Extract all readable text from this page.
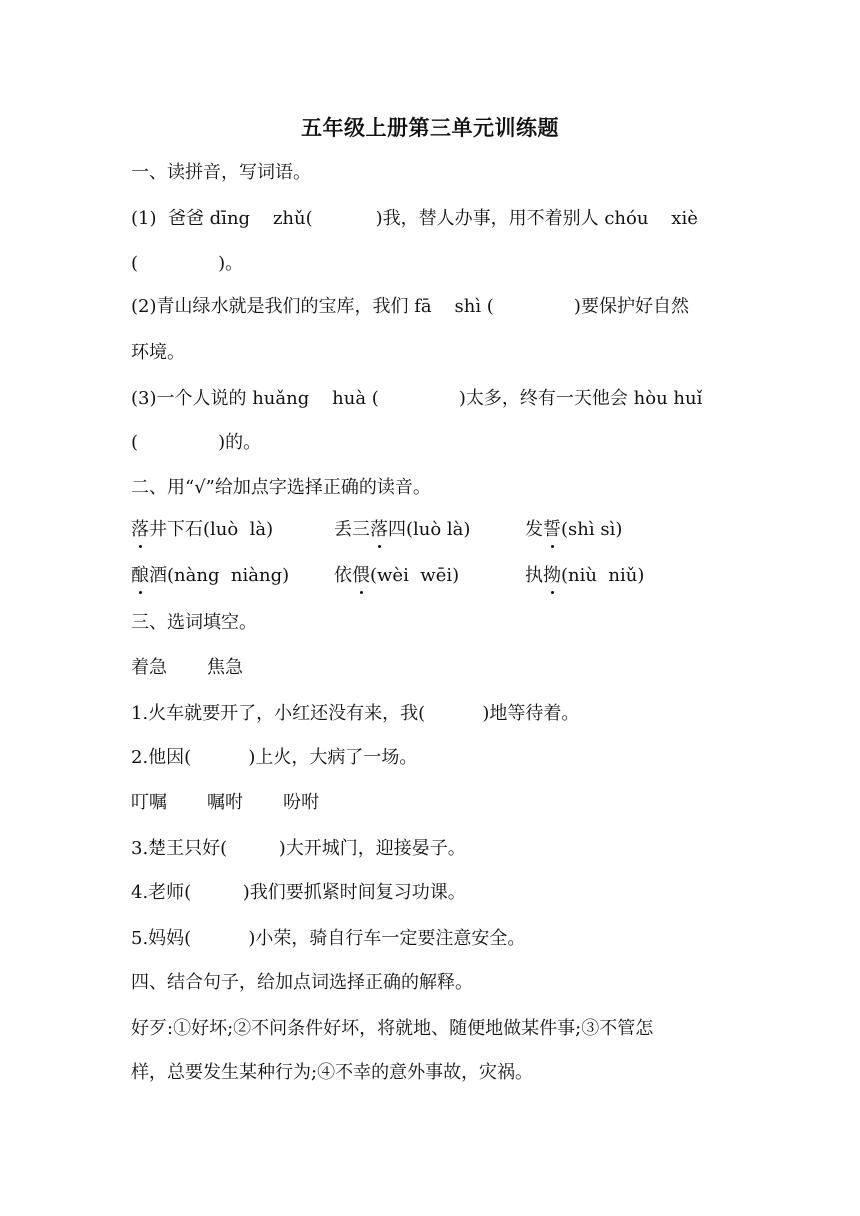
五年级上册第三单元训练题
一、读拼音，写词语。
(1)  爸爸 dīng    zhǔ(           )我，替人办事，用不着别人 chóu    xiè
(              )。
(2)青山绿水就是我们的宝库，我们 fā    shì (              )要保护好自然
环境。
(3)一个人说的 huǎng    huà (              )太多，终有一天他会 hòu huǐ
(              )的。
二、用“√”给加点字选择正确的读音。
落井下石(luò  là)	丢三落四(luò là)	发誓(shì sì)
酿酒(nàng  niàng) 依偎(wèi  wēi)	执拗(niù  niǔ)
三、选词填空。
着急       焦急
1.火车就要开了，小红还没有来，我(          )地等待着。
2.他因(          )上火，大病了一场。
叮嘱       嘱咐       吩咐
3.楚王只好(         )大开城门，迎接晏子。
4.老师(         )我们要抓紧时间复习功课。
5.妈妈(          )小荣，骑自行车一定要注意安全。
四、结合句子，给加点词选择正确的解释。
好歹:①好坏;②不问条件好坏，将就地、随便地做某件事;③不管怎
样，总要发生某种行为;④不幸的意外事故，灾祸。
